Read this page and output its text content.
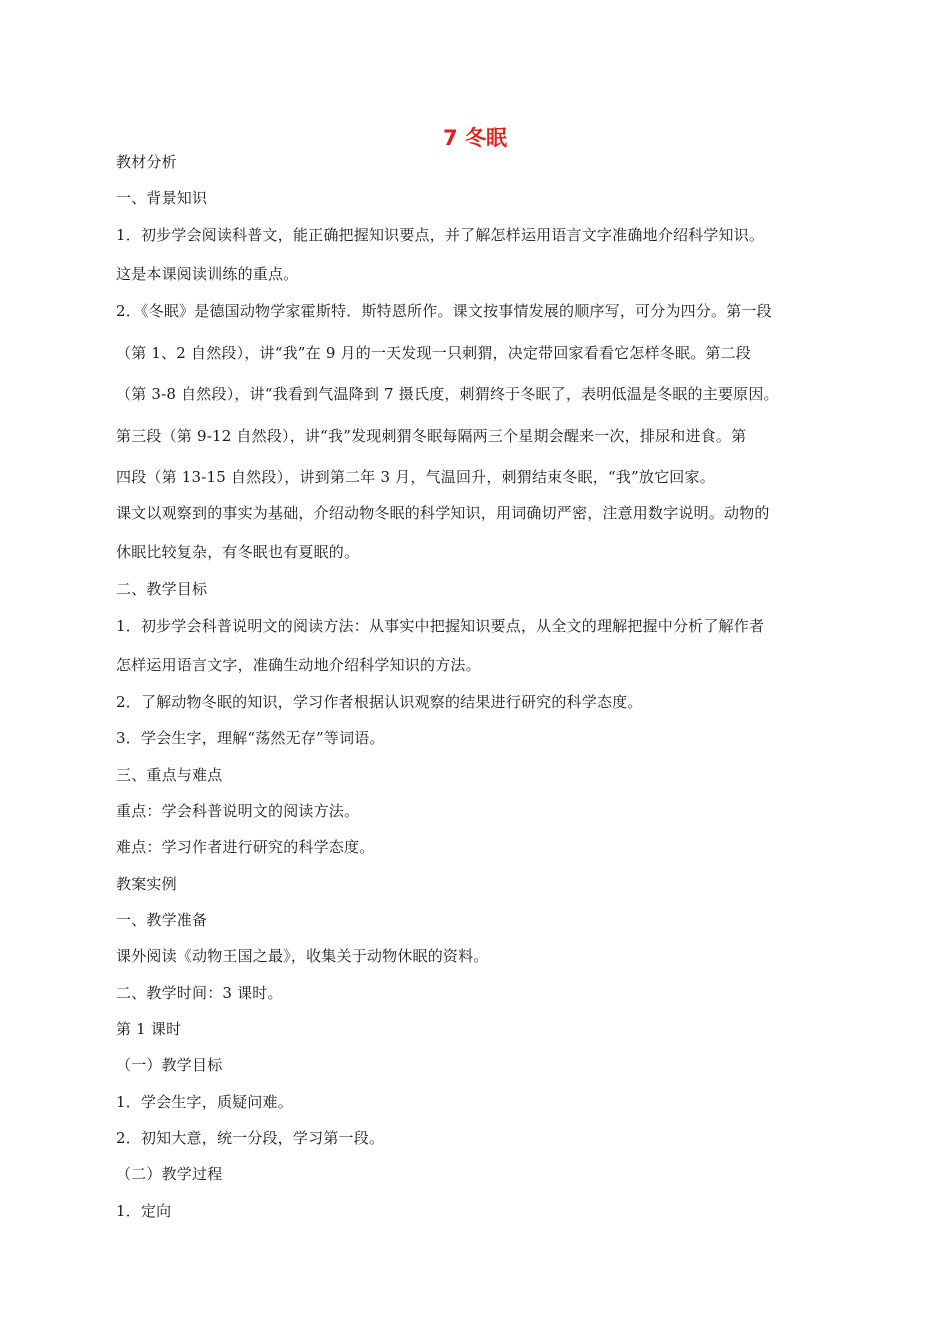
7 冬眠
教材分析
一、背景知识
1．初步学会阅读科普文，能正确把握知识要点，并了解怎样运用语言文字准确地介绍科学知识。
这是本课阅读训练的重点。
2．《冬眠》是德国动物学家霍斯特．斯特恩所作。课文按事情发展的顺序写，可分为四分。第一段
（第 1、2 自然段），讲“我”在 9 月的一天发现一只刺猬，决定带回家看看它怎样冬眠。第二段
（第 3-8 自然段），讲“我看到气温降到 7 摄氏度，刺猬终于冬眠了，表明低温是冬眠的主要原因。
第三段（第 9-12 自然段），讲“我”发现刺猬冬眠每隔两三个星期会醒来一次，排尿和进食。第
四段（第 13-15 自然段），讲到第二年 3 月，气温回升，刺猬结束冬眠，“我”放它回家。
课文以观察到的事实为基础，介绍动物冬眠的科学知识，用词确切严密，注意用数字说明。动物的
休眠比较复杂，有冬眠也有夏眠的。
二、教学目标
1．初步学会科普说明文的阅读方法：从事实中把握知识要点，从全文的理解把握中分析了解作者
怎样运用语言文字，准确生动地介绍科学知识的方法。
2．了解动物冬眠的知识，学习作者根据认识观察的结果进行研究的科学态度。
3．学会生字，理解“荡然无存”等词语。
三、重点与难点
重点：学会科普说明文的阅读方法。
难点：学习作者进行研究的科学态度。
教案实例
一、教学准备
课外阅读《动物王国之最》，收集关于动物休眠的资料。
二、教学时间：3 课时。
第 1 课时
（一）教学目标
1．学会生字，质疑问难。
2．初知大意，统一分段，学习第一段。
（二）教学过程
1．定向
